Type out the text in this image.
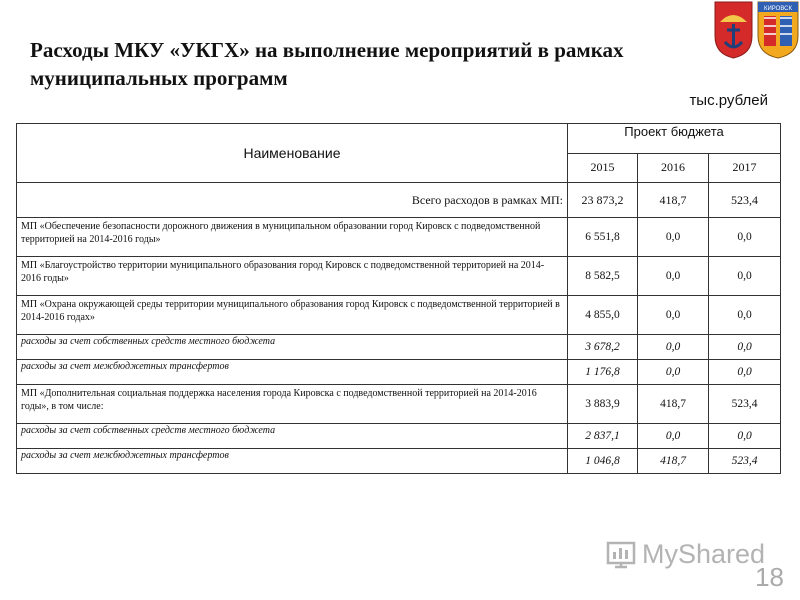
КИРОВСК
Расходы МКУ «УКГХ» на выполнение мероприятий в рамках муниципальных программ
тыс.рублей
Наименование	Проект бюджета		
	2015	2016	2017
Всего расходов в рамках МП:	23 873,2	418,7	523,4
МП «Обеспечение безопасности дорожного движения в муниципальном образовании город Кировск с подведомственной территорией на 2014-2016 годы»	6 551,8	0,0	0,0
МП «Благоустройство территории муниципального образования город Кировск с подведомственной территорией на 2014-2016 годы»	8 582,5	0,0	0,0
МП «Охрана окружающей среды территории муниципального образования город Кировск с подведомственной территорией в 2014-2016 годах»	4 855,0	0,0	0,0
расходы за счет собственных средств местного бюджета	3 678,2	0,0	0,0
расходы за счет межбюджетных трансфертов	1 176,8	0,0	0,0
МП «Дополнительная социальная поддержка населения города Кировска с подведомственной территорией на 2014-2016 годы», в том числе:	3 883,9	418,7	523,4
расходы за счет собственных средств местного бюджета	2 837,1	0,0	0,0
расходы за счет межбюджетных трансфертов	1 046,8	418,7	523,4
MyShared
18
